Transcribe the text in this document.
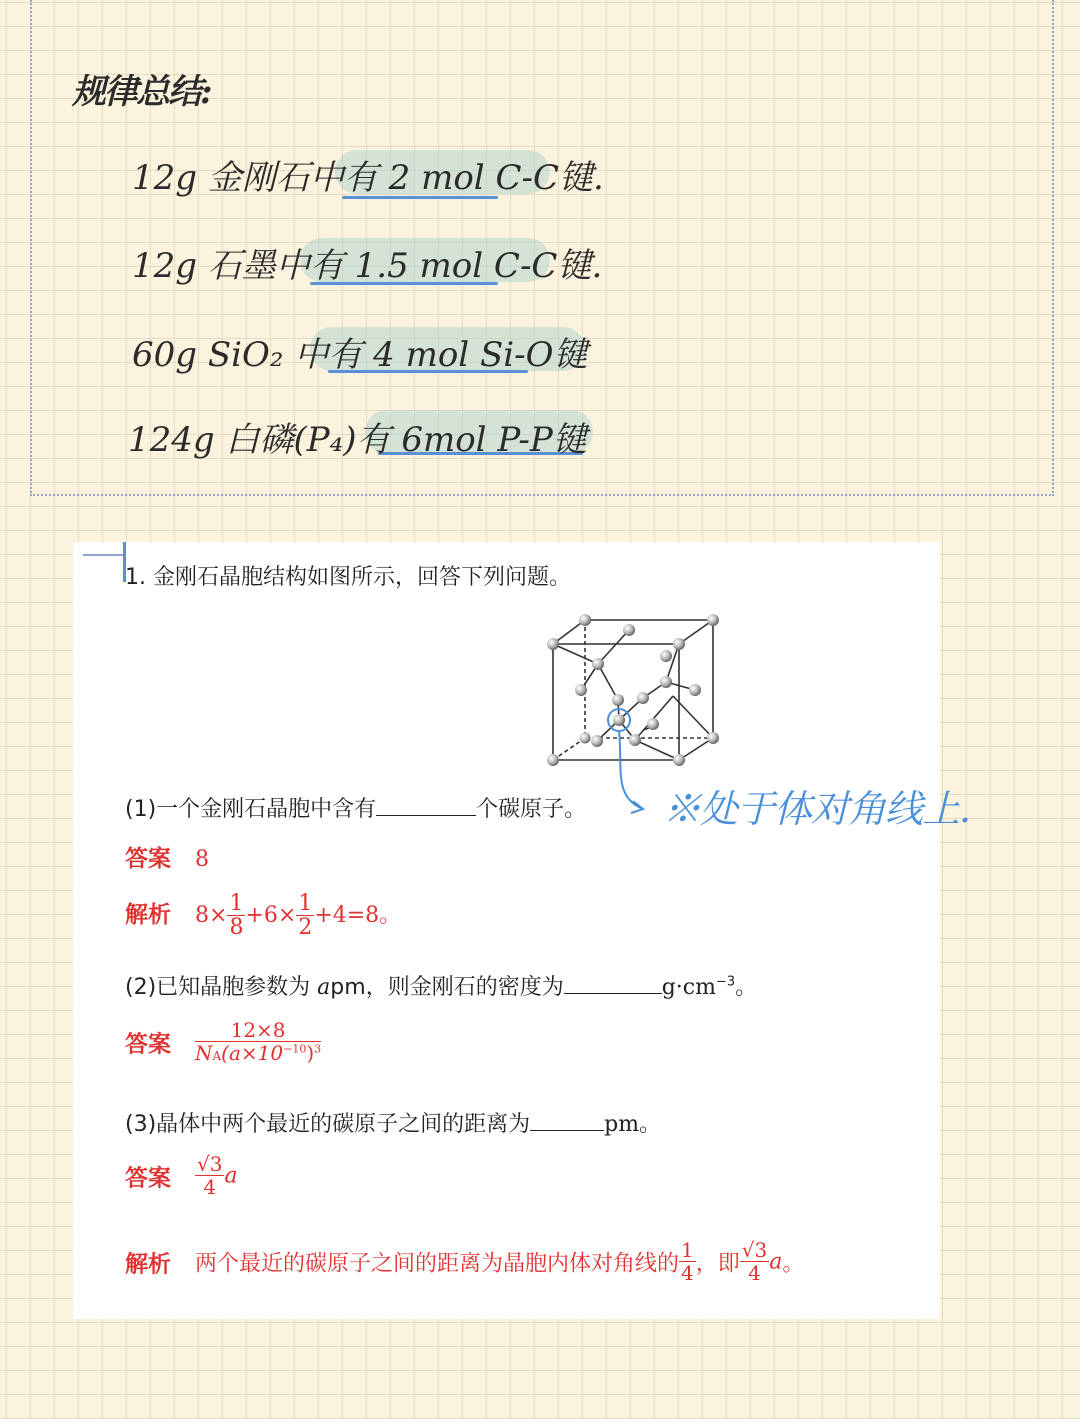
规律总结:
12g 金刚石中有 2 mol C-C键.
12g 石墨中有 1.5 mol C-C键.
60g SiO₂ 中有 4 mol Si-O键
124g 白磷(P₄)有 6mol P-P键
1. 金刚石晶胞结构如图所示，回答下列问题。
(1)一个金刚石晶胞中含有	个碳原子。
答案 8
解析 $8\times \frac{1}{8} +6\times \frac{1}{2} +4=8$。
(2)已知晶胞参数为 apm，则金刚石的密度为	$g\cdot cm^{-3}$。
答案 $\frac{12\times 8}{NA(a\times 10^{-10})^3}$
(3)晶体中两个最近的碳原子之间的距离为	pm。
答案 $\frac{√3}{4}$ a
解析 两个最近的碳原子之间的距离为晶胞内体对角线的 $\frac{1}{4}$ ，即 $\frac{√3}{4}$ a。
※处于体对角线上.
